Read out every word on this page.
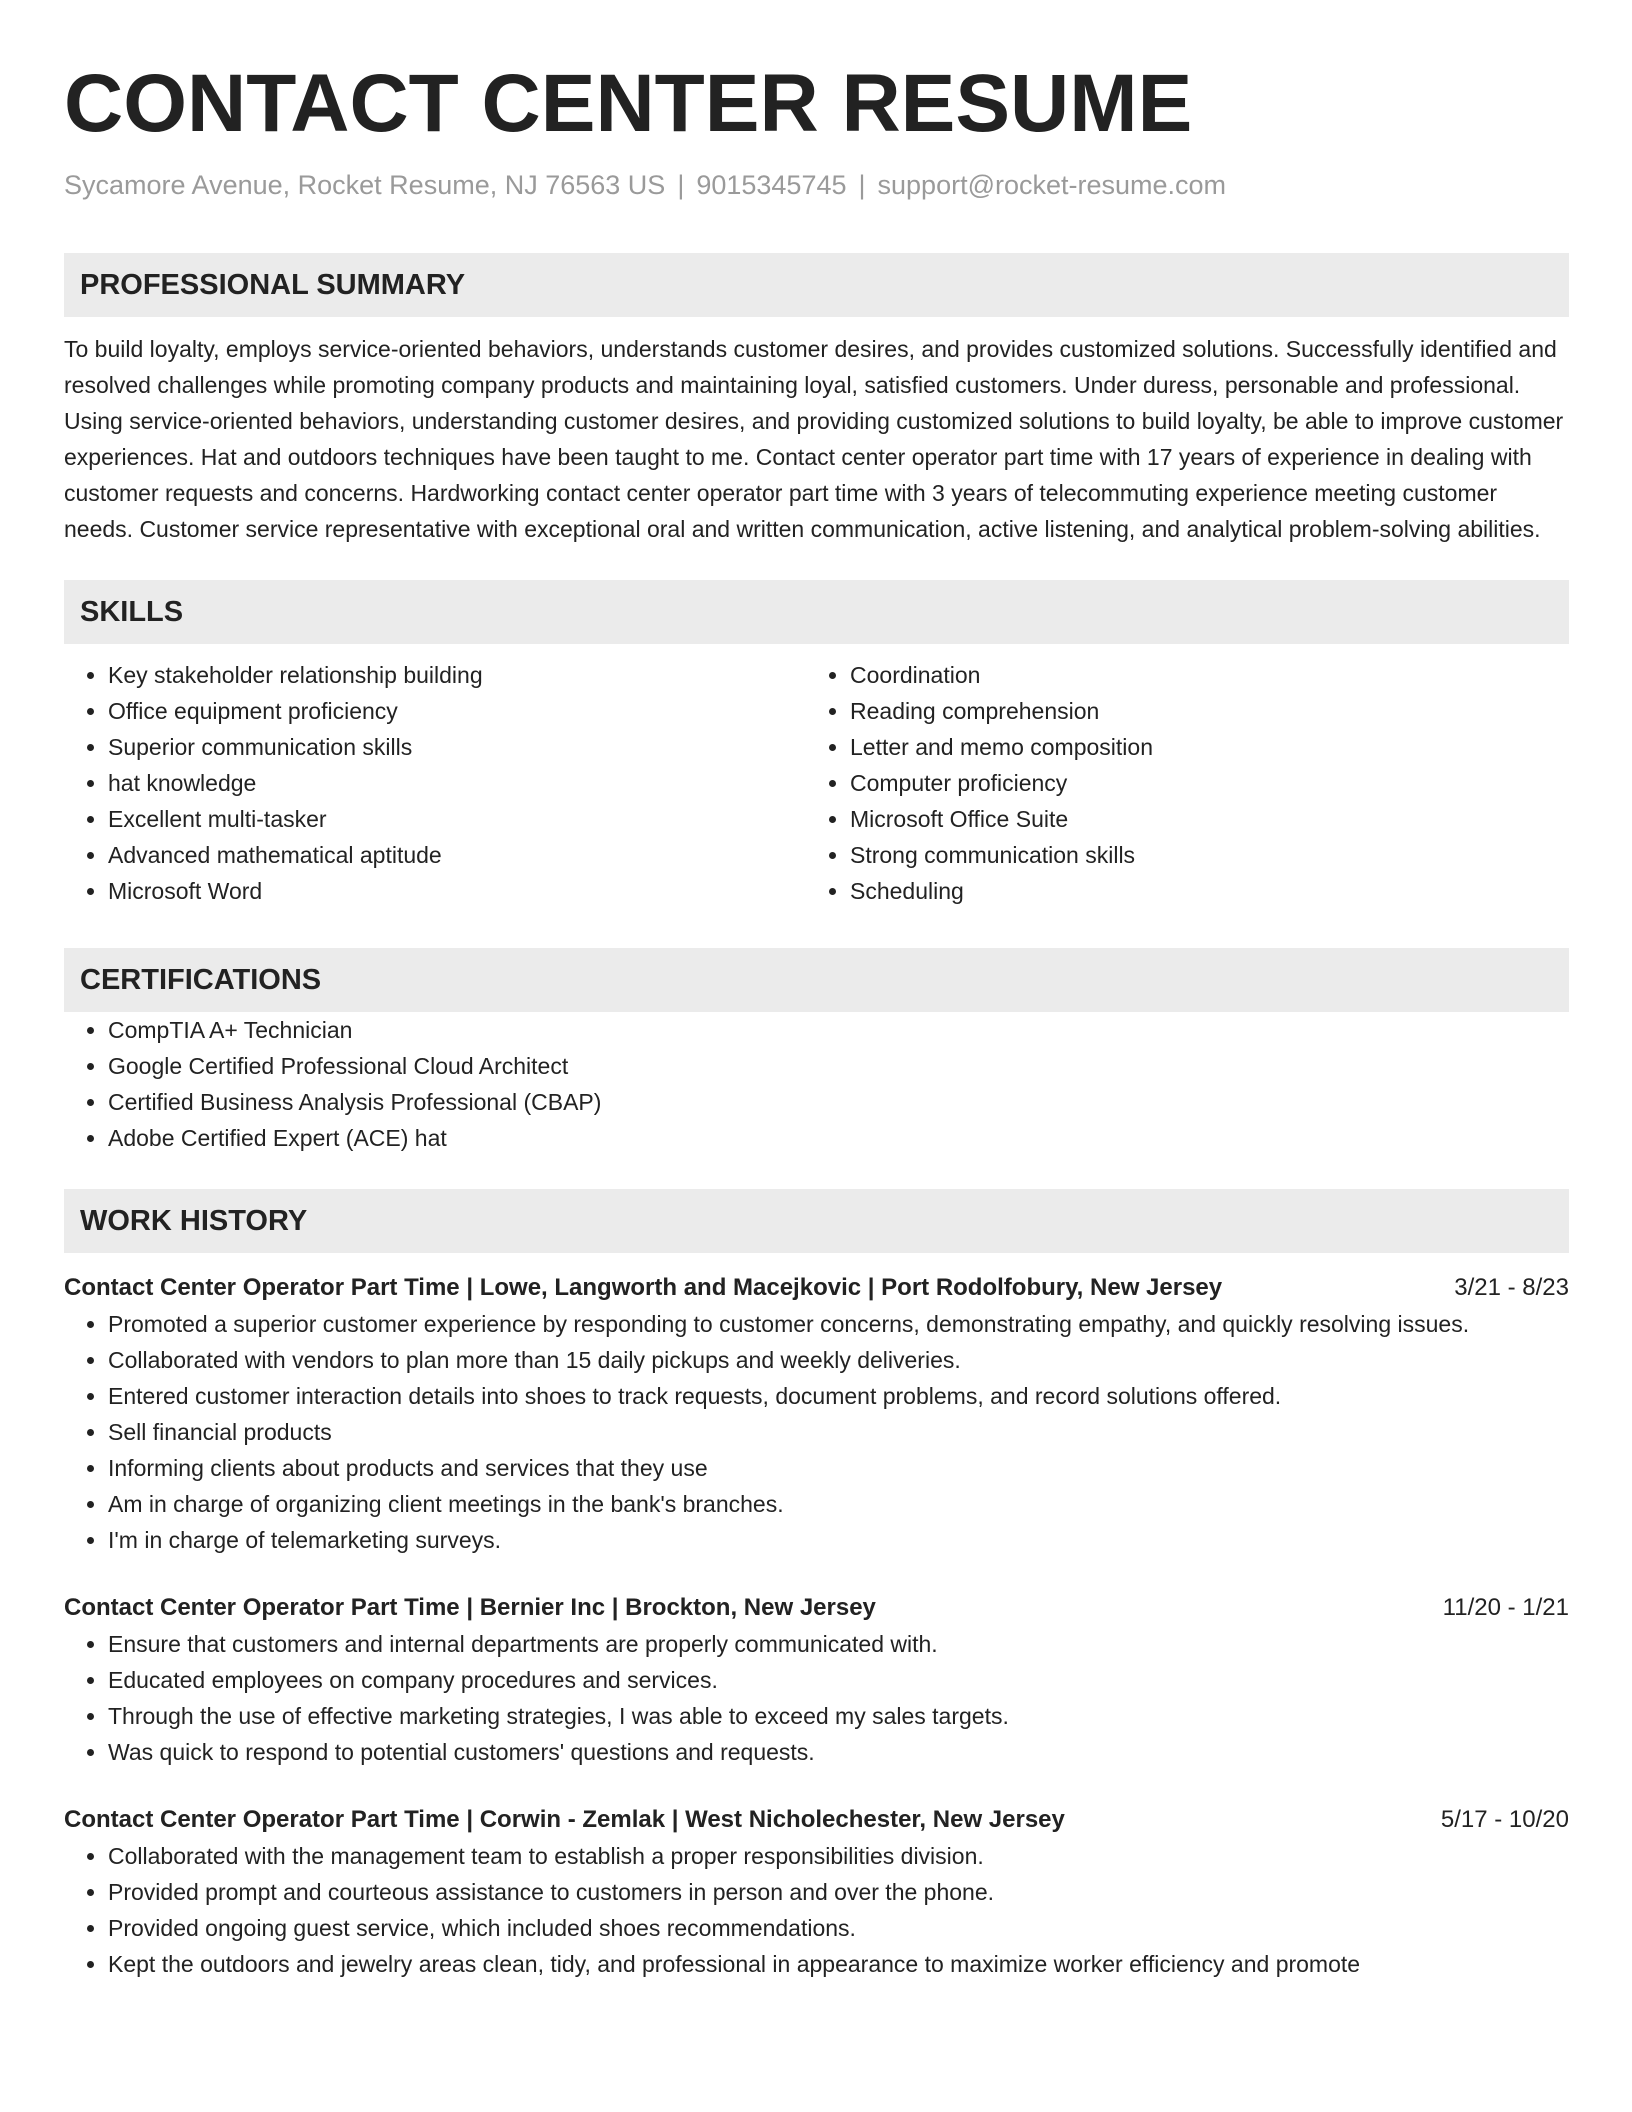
CONTACT CENTER RESUME
Sycamore Avenue, Rocket Resume, NJ 76563 US | 9015345745 | support@rocket-resume.com
PROFESSIONAL SUMMARY

To build loyalty, employs service-oriented behaviors, understands customer desires, and provides customized solutions. Successfully identified and resolved challenges while promoting company products and maintaining loyal, satisfied customers. Under duress, personable and professional. Using service-oriented behaviors, understanding customer desires, and providing customized solutions to build loyalty, be able to improve customer experiences. Hat and outdoors techniques have been taught to me. Contact center operator part time with 17 years of experience in dealing with customer requests and concerns. Hardworking contact center operator part time with 3 years of telecommuting experience meeting customer needs. Customer service representative with exceptional oral and written communication, active listening, and analytical problem-solving abilities.

SKILLS
• Key stakeholder relationship building
• Office equipment proficiency
• Superior communication skills
• hat knowledge
• Excellent multi-tasker
• Advanced mathematical aptitude
• Microsoft Word
• Coordination
• Reading comprehension
• Letter and memo composition
• Computer proficiency
• Microsoft Office Suite
• Strong communication skills
• Scheduling
CERTIFICATIONS
• CompTIA A+ Technician
• Google Certified Professional Cloud Architect
• Certified Business Analysis Professional (CBAP)
• Adobe Certified Expert (ACE) hat
WORK HISTORY
Contact Center Operator Part Time | Lowe, Langworth and Macejkovic | Port Rodolfobury, New Jersey	3/21 - 8/23
• Promoted a superior customer experience by responding to customer concerns, demonstrating empathy, and quickly resolving issues.
• Collaborated with vendors to plan more than 15 daily pickups and weekly deliveries.
• Entered customer interaction details into shoes to track requests, document problems, and record solutions offered.
• Sell financial products
• Informing clients about products and services that they use
• Am in charge of organizing client meetings in the bank's branches.
• I'm in charge of telemarketing surveys.
Contact Center Operator Part Time | Bernier Inc | Brockton, New Jersey	11/20 - 1/21
• Ensure that customers and internal departments are properly communicated with.
• Educated employees on company procedures and services.
• Through the use of effective marketing strategies, I was able to exceed my sales targets.
• Was quick to respond to potential customers' questions and requests.
Contact Center Operator Part Time | Corwin - Zemlak | West Nicholechester, New Jersey	5/17 - 10/20
• Collaborated with the management team to establish a proper responsibilities division.
• Provided prompt and courteous assistance to customers in person and over the phone.
• Provided ongoing guest service, which included shoes recommendations.
• Kept the outdoors and jewelry areas clean, tidy, and professional in appearance to maximize worker efficiency and promote
